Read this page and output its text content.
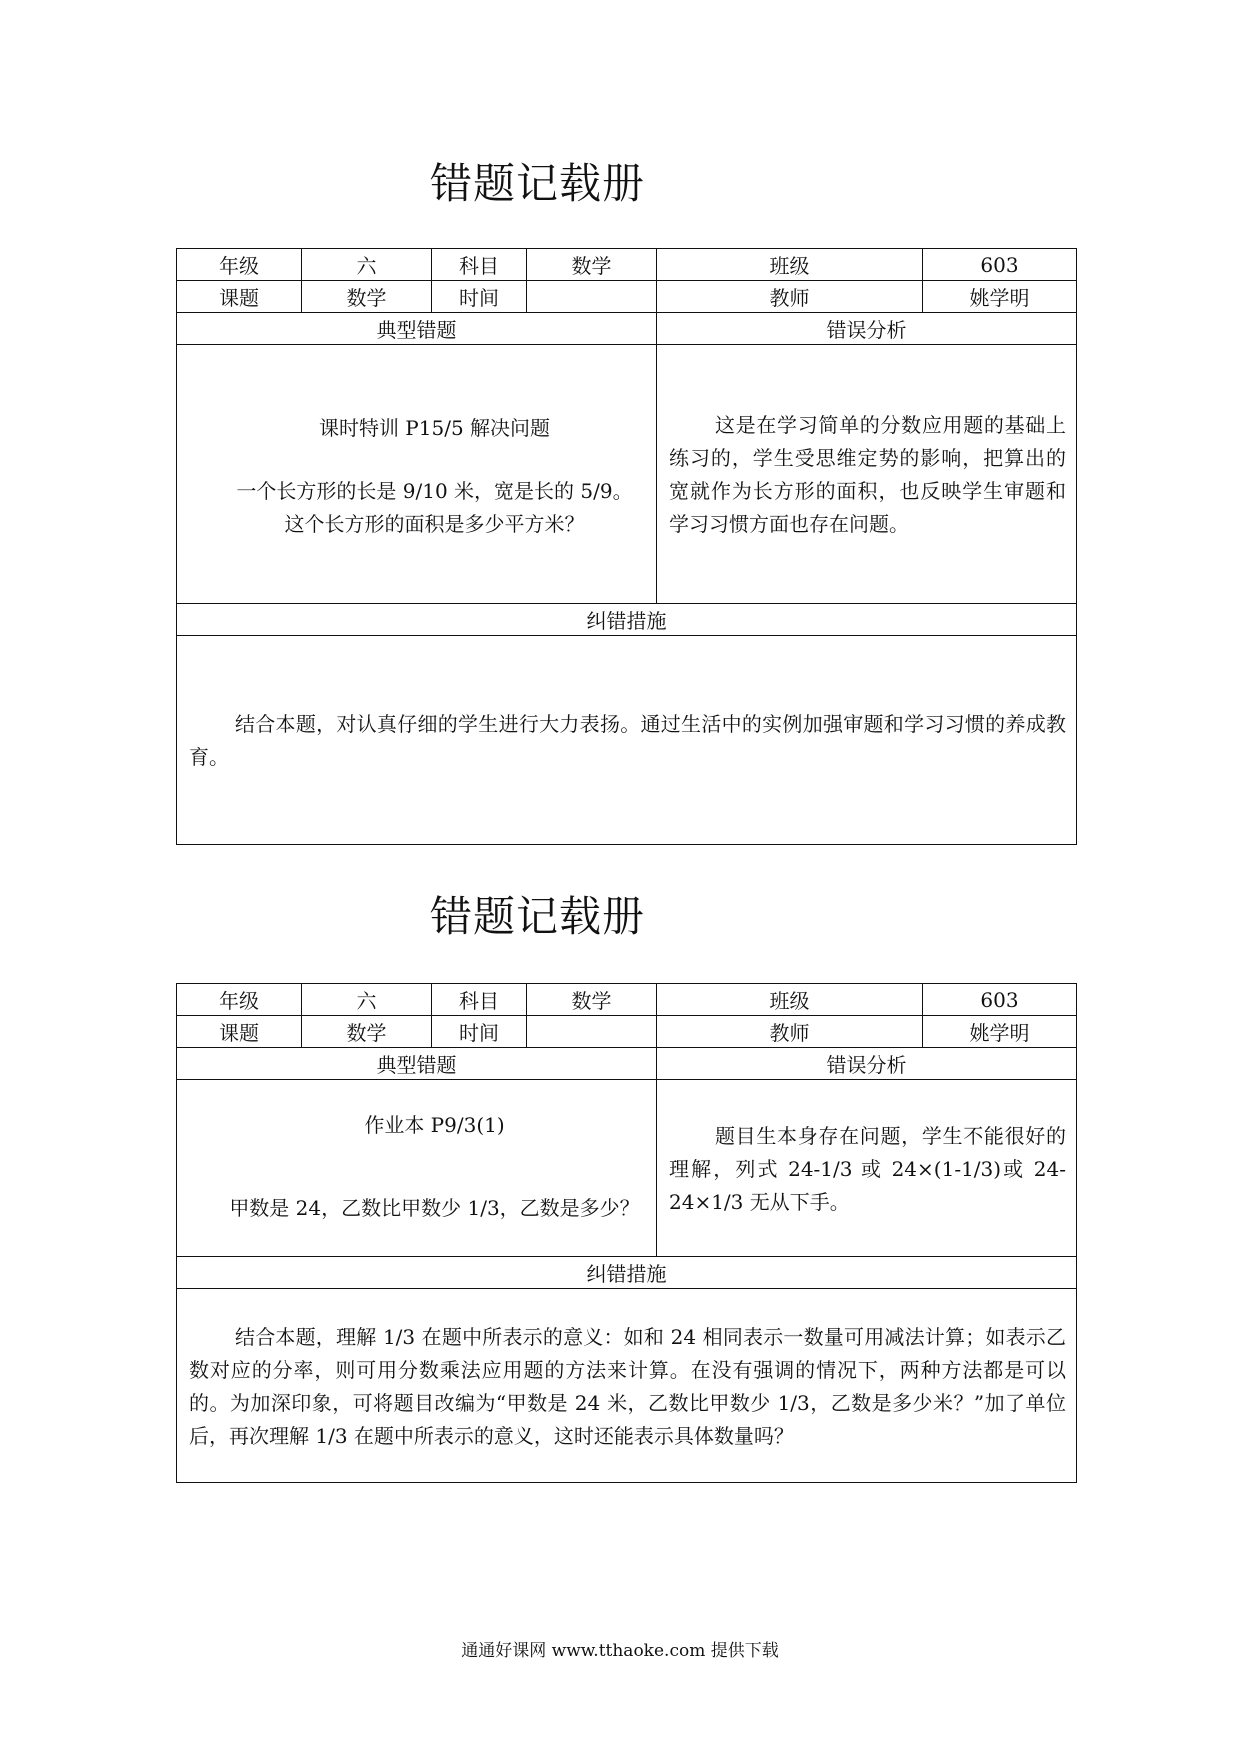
错题记载册
年级	六	科目	数学	班级	603
课题	数学	时间		教师	姚学明
典型错题				错误分析	

课时特训 P15/5 解决问题
一个长方形的长是 9/10 米，宽是长的 5/9。这个长方形的面积是多少平方米？				这是在学习简单的分数应用题的基础上练习的，学生受思维定势的影响，把算出的宽就作为长方形的面积，也反映学生审题和学习习惯方面也存在问题。	

纠错措施					

结合本题，对认真仔细的学生进行大力表扬。通过生活中的实例加强审题和学习习惯的养成教育。					
错题记载册
年级	六	科目	数学	班级	603
课题	数学	时间		教师	姚学明
典型错题				错误分析	

作业本 P9/3(1)
甲数是 24，乙数比甲数少 1/3，乙数是多少？				题目生本身存在问题，学生不能很好的理解，列式 24-1/3 或 24×(1-1/3)或 24-24×1/3 无从下手。	

纠错措施					

结合本题，理解 1/3 在题中所表示的意义：如和 24 相同表示一数量可用减法计算；如表示乙数对应的分率，则可用分数乘法应用题的方法来计算。在没有强调的情况下，两种方法都是可以的。为加深印象，可将题目改编为“甲数是 24 米，乙数比甲数少 1/3，乙数是多少米？”加了单位后，再次理解 1/3 在题中所表示的意义，这时还能表示具体数量吗？					
通通好课网 www.tthaoke.com 提供下载
